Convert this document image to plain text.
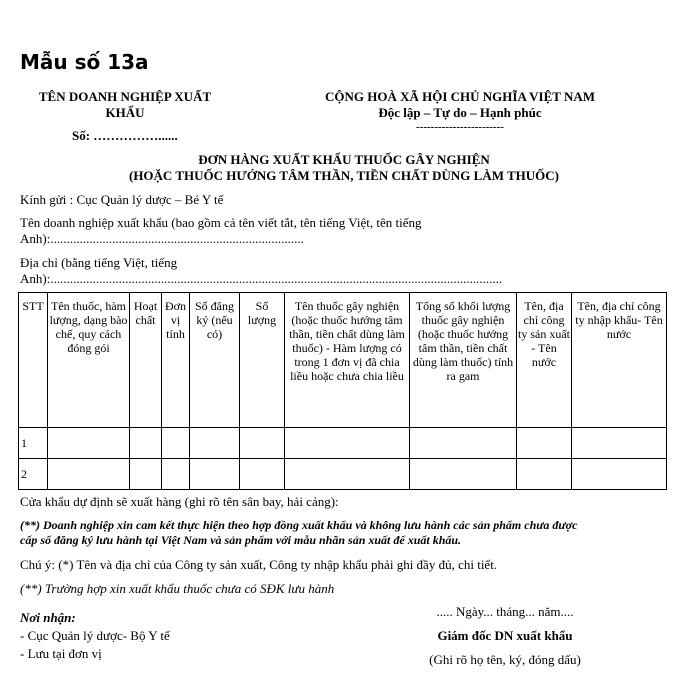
Mẫu số 13a
TÊN DOANH NGHIỆP XUẤT
KHẨU
Số: ……………......
CỘNG HOÀ XÃ HỘI CHỦ NGHĨA VIỆT NAM
Độc lập – Tự do – Hạnh phúc
------------------------
ĐƠN HÀNG XUẤT KHẨU THUỐC GÂY NGHIỆN
(HOẶC THUỐC HƯỚNG TÂM THẦN, TIỀN CHẤT DÙNG LÀM THUỐC)
Kính gửi : Cục Quản lý dược – Bé Y tế
Tên doanh nghiệp xuất khẩu (bao gồm cả tên viết tắt, tên tiếng Việt, tên tiếng
Anh):..............................................................................
Địa chỉ (bằng tiếng Việt, tiếng
Anh):...........................................................................................................................................
STT	Tên thuốc, hàm lượng, dạng bào chế, quy cách đóng gói	Hoạt chất	Đơn vị tính	Số đăng ký (nếu có)	Số lượng	Tên thuốc gây nghiện (hoặc thuốc hướng tâm thần, tiền chất dùng làm thuốc) - Hàm lượng có trong 1 đơn vị đã chia liều hoặc chưa chia liều	Tổng số khối lượng thuốc gây nghiện (hoặc thuốc hướng tâm thần, tiền chất dùng làm thuốc) tính ra gam	Tên, địa chỉ công ty sản xuất - Tên nước	Tên, địa chỉ công ty nhập khẩu- Tên nước
1									
2									
Cửa khẩu dự định sẽ xuất hàng (ghi rõ tên sân bay, hải cảng):
(**) Doanh nghiệp xin cam kết thực hiện theo hợp đồng xuất khẩu và không lưu hành các sản phẩm chưa được
cấp số đăng ký lưu hành tại Việt Nam và sản phẩm với mẫu nhãn sản xuất để xuất khẩu.
Chú ý: (*) Tên và địa chỉ của Công ty sản xuất, Công ty nhập khẩu phải ghi đầy đủ, chi tiết.
(**) Trường hợp xin xuất khẩu thuốc chưa có SĐK lưu hành
Nơi nhận:
- Cục Quản lý dược- Bộ Y tế
- Lưu tại đơn vị
..... Ngày... tháng... năm....
Giám đốc DN xuất khẩu
(Ghi rõ họ tên, ký, đóng dấu)
